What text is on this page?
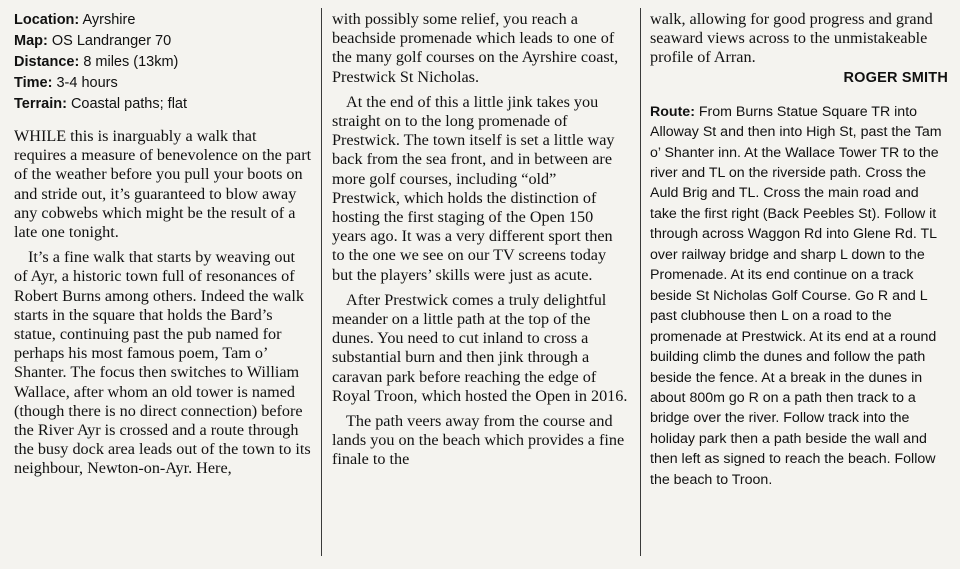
Location: Ayrshire
Map: OS Landranger 70
Distance: 8 miles (13km)
Time: 3-4 hours
Terrain: Coastal paths; flat

WHILE this is inarguably a walk that requires a measure of benevolence on the part of the weather before you pull your boots on and stride out, it’s guaranteed to blow away any cobwebs which might be the result of a late one tonight.

It’s a fine walk that starts by weaving out of Ayr, a historic town full of resonances of Robert Burns among others. Indeed the walk starts in the square that holds the Bard’s statue, continuing past the pub named for perhaps his most famous poem, Tam o’ Shanter. The focus then switches to William Wallace, after whom an old tower is named (though there is no direct connection) before the River Ayr is crossed and a route through the busy dock area leads out of the town to its neighbour, Newton-on-Ayr. Here,

with possibly some relief, you reach a beachside promenade which leads to one of the many golf courses on the Ayrshire coast, Prestwick St Nicholas.

At the end of this a little jink takes you straight on to the long promenade of Prestwick. The town itself is set a little way back from the sea front, and in between are more golf courses, including “old” Prestwick, which holds the distinction of hosting the first staging of the Open 150 years ago. It was a very different sport then to the one we see on our TV screens today but the players’ skills were just as acute.

After Prestwick comes a truly delightful meander on a little path at the top of the dunes. You need to cut inland to cross a substantial burn and then jink through a caravan park before reaching the edge of Royal Troon, which hosted the Open in 2016.

The path veers away from the course and lands you on the beach which provides a fine finale to the

walk, allowing for good progress and grand seaward views across to the unmistakeable profile of Arran.

ROGER SMITH
Route: From Burns Statue Square TR into Alloway St and then into High St, past the Tam o’ Shanter inn. At the Wallace Tower TR to the river and TL on the riverside path. Cross the Auld Brig and TL. Cross the main road and take the first right (Back Peebles St). Follow it through across Waggon Rd into Glene Rd. TL over railway bridge and sharp L down to the Promenade. At its end continue on a track beside St Nicholas Golf Course. Go R and L past clubhouse then L on a road to the promenade at Prestwick. At its end at a round building climb the dunes and follow the path beside the fence. At a break in the dunes in about 800m go R on a path then track to a bridge over the river. Follow track into the holiday park then a path beside the wall and then left as signed to reach the beach. Follow the beach to Troon.
